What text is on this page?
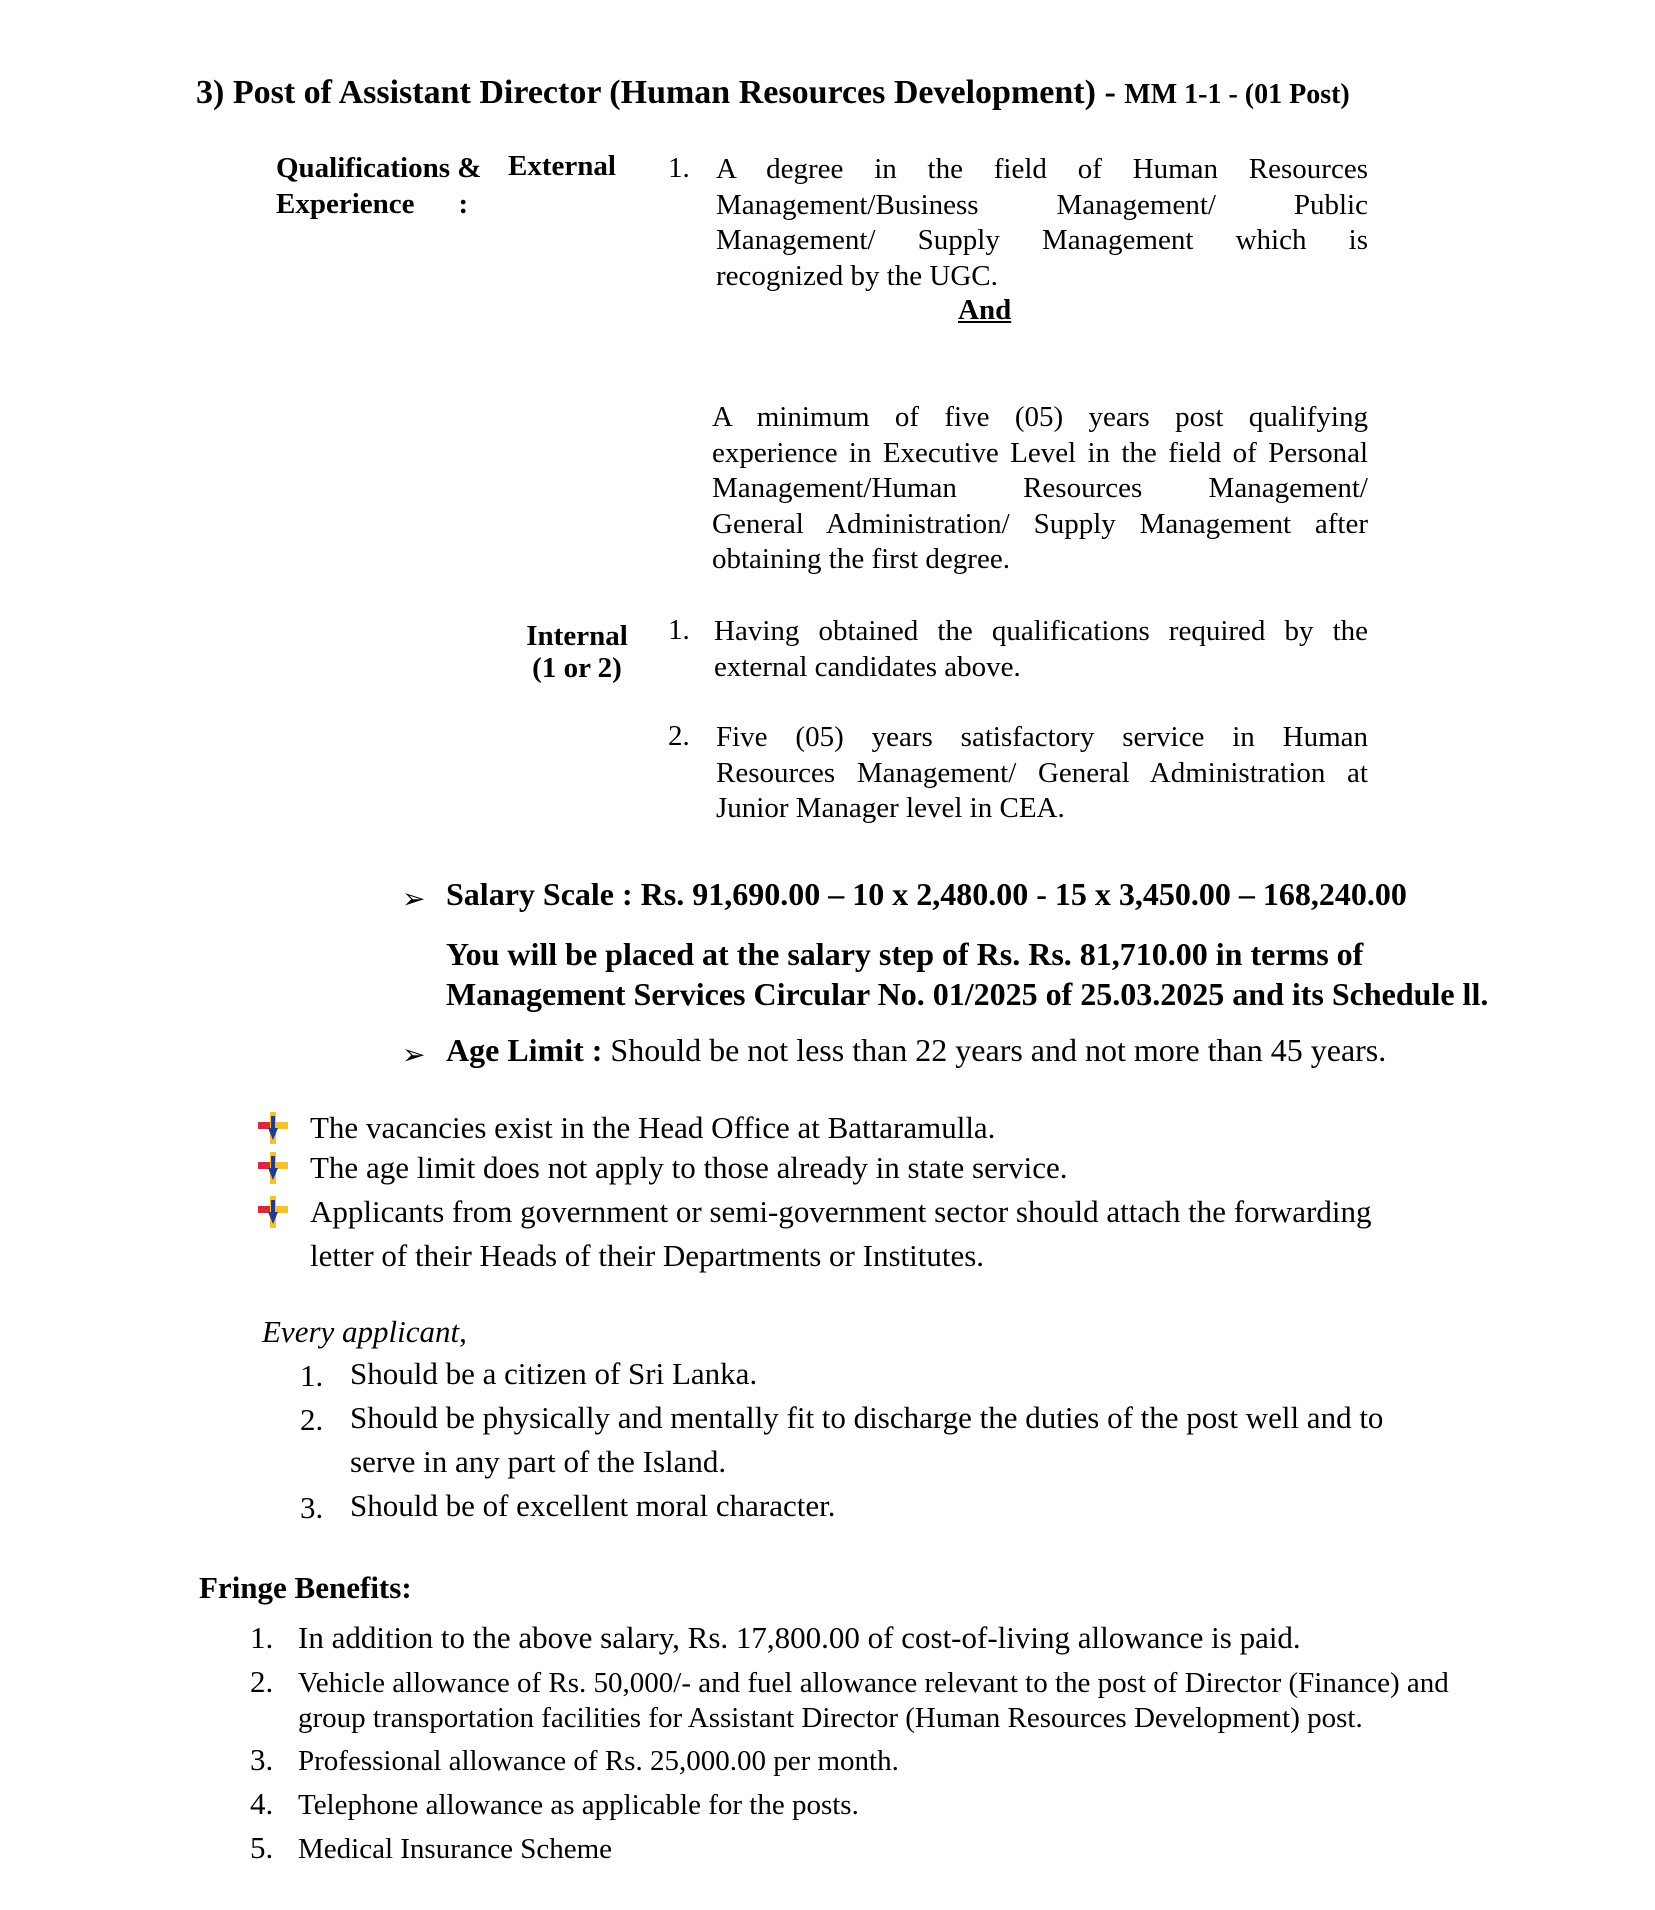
3) Post of Assistant Director (Human Resources Development) - MM 1-1 - (01 Post)
Qualifications &
Experience :
External 1. A degree in the field of Human Resources
Management/Business Management/ Public
Management/ Supply Management which is
recognized by the UGC.
And
A minimum of five (05) years post qualifying
experience in Executive Level in the field of Personal
Management/Human Resources Management/
General Administration/ Supply Management after
obtaining the first degree.
Internal
(1 or 2)
1. Having obtained the qualifications required by the
external candidates above.
2. Five (05) years satisfactory service in Human
Resources Management/ General Administration at
Junior Manager level in CEA.
➢ Salary Scale : Rs. 91,690.00 – 10 x 2,480.00 - 15 x 3,450.00 – 168,240.00
You will be placed at the salary step of Rs. Rs. 81,710.00 in terms of
Management Services Circular No. 01/2025 of 25.03.2025 and its Schedule ll.
➢ Age Limit : Should be not less than 22 years and not more than 45 years.
The vacancies exist in the Head Office at Battaramulla.
The age limit does not apply to those already in state service.
Applicants from government or semi-government sector should attach the forwarding
letter of their Heads of their Departments or Institutes.
Every applicant,
1. Should be a citizen of Sri Lanka.
2. Should be physically and mentally fit to discharge the duties of the post well and to
serve in any part of the Island.
3. Should be of excellent moral character.
Fringe Benefits:
1. In addition to the above salary, Rs. 17,800.00 of cost-of-living allowance is paid.
2. Vehicle allowance of Rs. 50,000/- and fuel allowance relevant to the post of Director (Finance) and
group transportation facilities for Assistant Director (Human Resources Development) post.
3. Professional allowance of Rs. 25,000.00 per month.
4. Telephone allowance as applicable for the posts.
5. Medical Insurance Scheme
